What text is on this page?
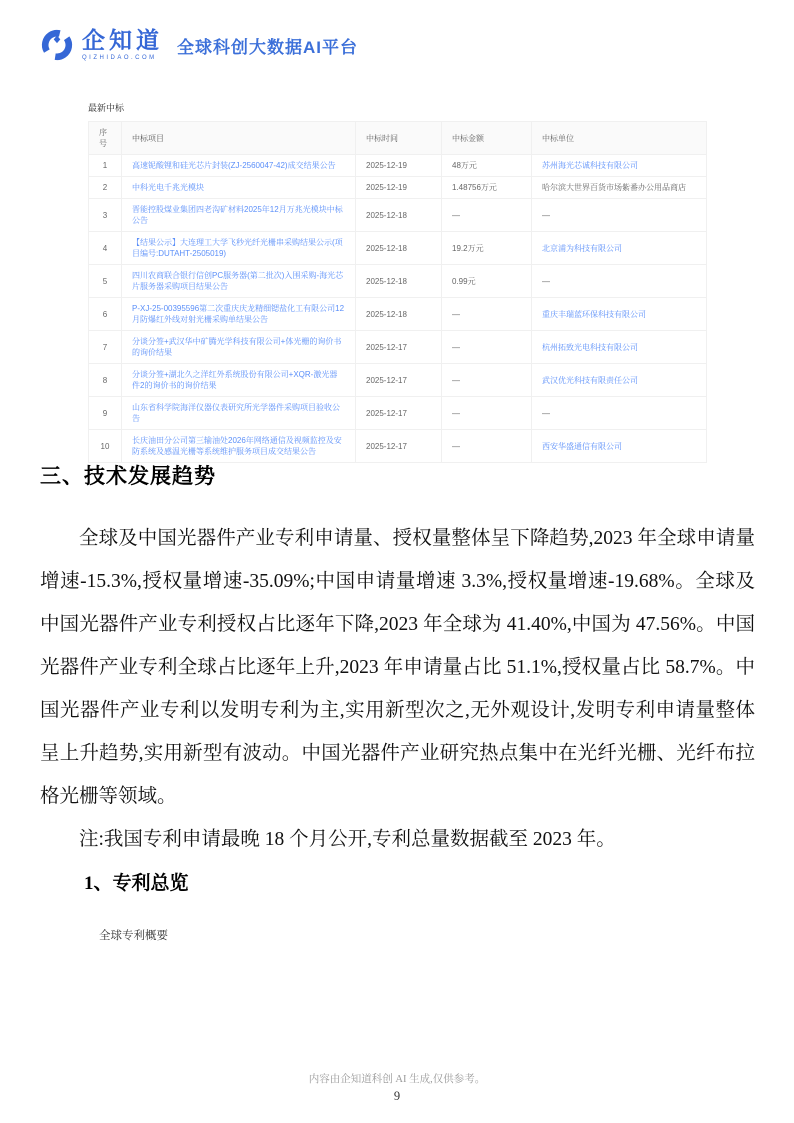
企知道
QIZHIDAO.COM
全球科创大数据AI平台
最新中标
序号	中标项目	中标时间	中标金额	中标单位
1	高速铌酸锂和硅光芯片封装(ZJ-2560047-42)成交结果公告	2025-12-19	48万元	苏州海光芯诚科技有限公司
2	中科光电千兆光模块	2025-12-19	1.48756万元	哈尔滨大世界百货市场紫番办公用品商店
3	晋能控股煤业集团四老沟矿材料2025年12月万兆光模块中标公告	2025-12-18	—	—
4	【结果公示】大连理工大学飞秒光纤光栅串采购结果公示(项目编号:DUTAHT-2505019)	2025-12-18	19.2万元	北京浦为科技有限公司
5	四川农商联合银行信创PC服务器(第二批次)入围采购-海光芯片服务器采购项目结果公告	2025-12-18	0.99元	—
6	P-XJ-25-00395596第二次重庆庆龙精细锶盐化工有限公司12月防爆红外线对射光栅采购单结果公告	2025-12-18	—	重庆丰瑞蓝环保科技有限公司
7	分谈分签+武汉华中矿腾光学科技有限公司+体光栅的询价书的询价结果	2025-12-17	—	杭州拓致光电科技有限公司
8	分谈分签+湖北久之洋红外系统股份有限公司+XQR-激光器件2的询价书的询价结果	2025-12-17	—	武汉优光科技有限责任公司
9	山东省科学院海洋仪器仪表研究所光学器件采购项目验收公告	2025-12-17	—	—
10	长庆油田分公司第三输油处2026年网络通信及视频监控及安防系统及感温光栅等系统维护服务项目成交结果公告	2025-12-17	—	西安华盛通信有限公司
三、技术发展趋势

全球及中国光器件产业专利申请量、授权量整体呈下降趋势,2023 年全球申请量增速-15.3%,授权量增速-35.09%;中国申请量增速 3.3%,授权量增速-19.68%。全球及中国光器件产业专利授权占比逐年下降,2023 年全球为 41.40%,中国为 47.56%。中国光器件产业专利全球占比逐年上升,2023 年申请量占比 51.1%,授权量占比 58.7%。中国光器件产业专利以发明专利为主,实用新型次之,无外观设计,发明专利申请量整体呈上升趋势,实用新型有波动。中国光器件产业研究热点集中在光纤光栅、光纤布拉格光栅等领域。

注:我国专利申请最晚 18 个月公开,专利总量数据截至 2023 年。

1、专利总览
全球专利概要
内容由企知道科创 AI 生成,仅供参考。
9
